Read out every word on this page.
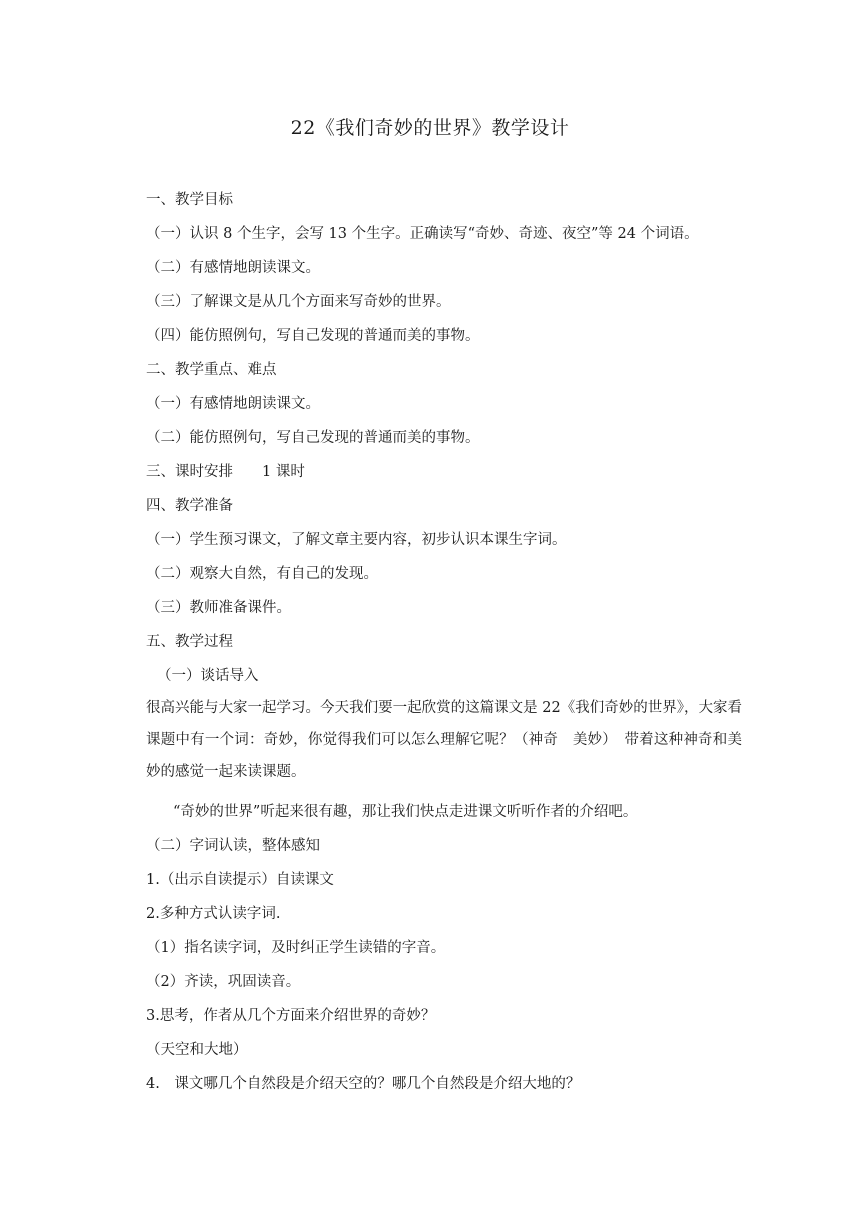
22《我们奇妙的世界》教学设计
一、教学目标
（一）认识 8 个生字，会写 13 个生字。正确读写“奇妙、奇迹、夜空”等 24 个词语。
（二）有感情地朗读课文。
（三）了解课文是从几个方面来写奇妙的世界。
（四）能仿照例句，写自己发现的普通而美的事物。
二、教学重点、难点
（一）有感情地朗读课文。
（二）能仿照例句，写自己发现的普通而美的事物。
三、课时安排　　1 课时
四、教学准备
（一）学生预习课文，了解文章主要内容，初步认识本课生字词。
（二）观察大自然，有自己的发现。
（三）教师准备课件。
五、教学过程
（一）谈话导入
很高兴能与大家一起学习。今天我们要一起欣赏的这篇课文是 22《我们奇妙的世界》，大家看课题中有一个词：奇妙，你觉得我们可以怎么理解它呢？（神奇　美妙）　带着这种神奇和美妙的感觉一起来读课题。
“奇妙的世界”听起来很有趣，那让我们快点走进课文听听作者的介绍吧。
（二）字词认读，整体感知
1.（出示自读提示）自读课文
2.多种方式认读字词.
（1）指名读字词，及时纠正学生读错的字音。
（2）齐读，巩固读音。
3.思考，作者从几个方面来介绍世界的奇妙？
（天空和大地）
4.　课文哪几个自然段是介绍天空的？哪几个自然段是介绍大地的？
